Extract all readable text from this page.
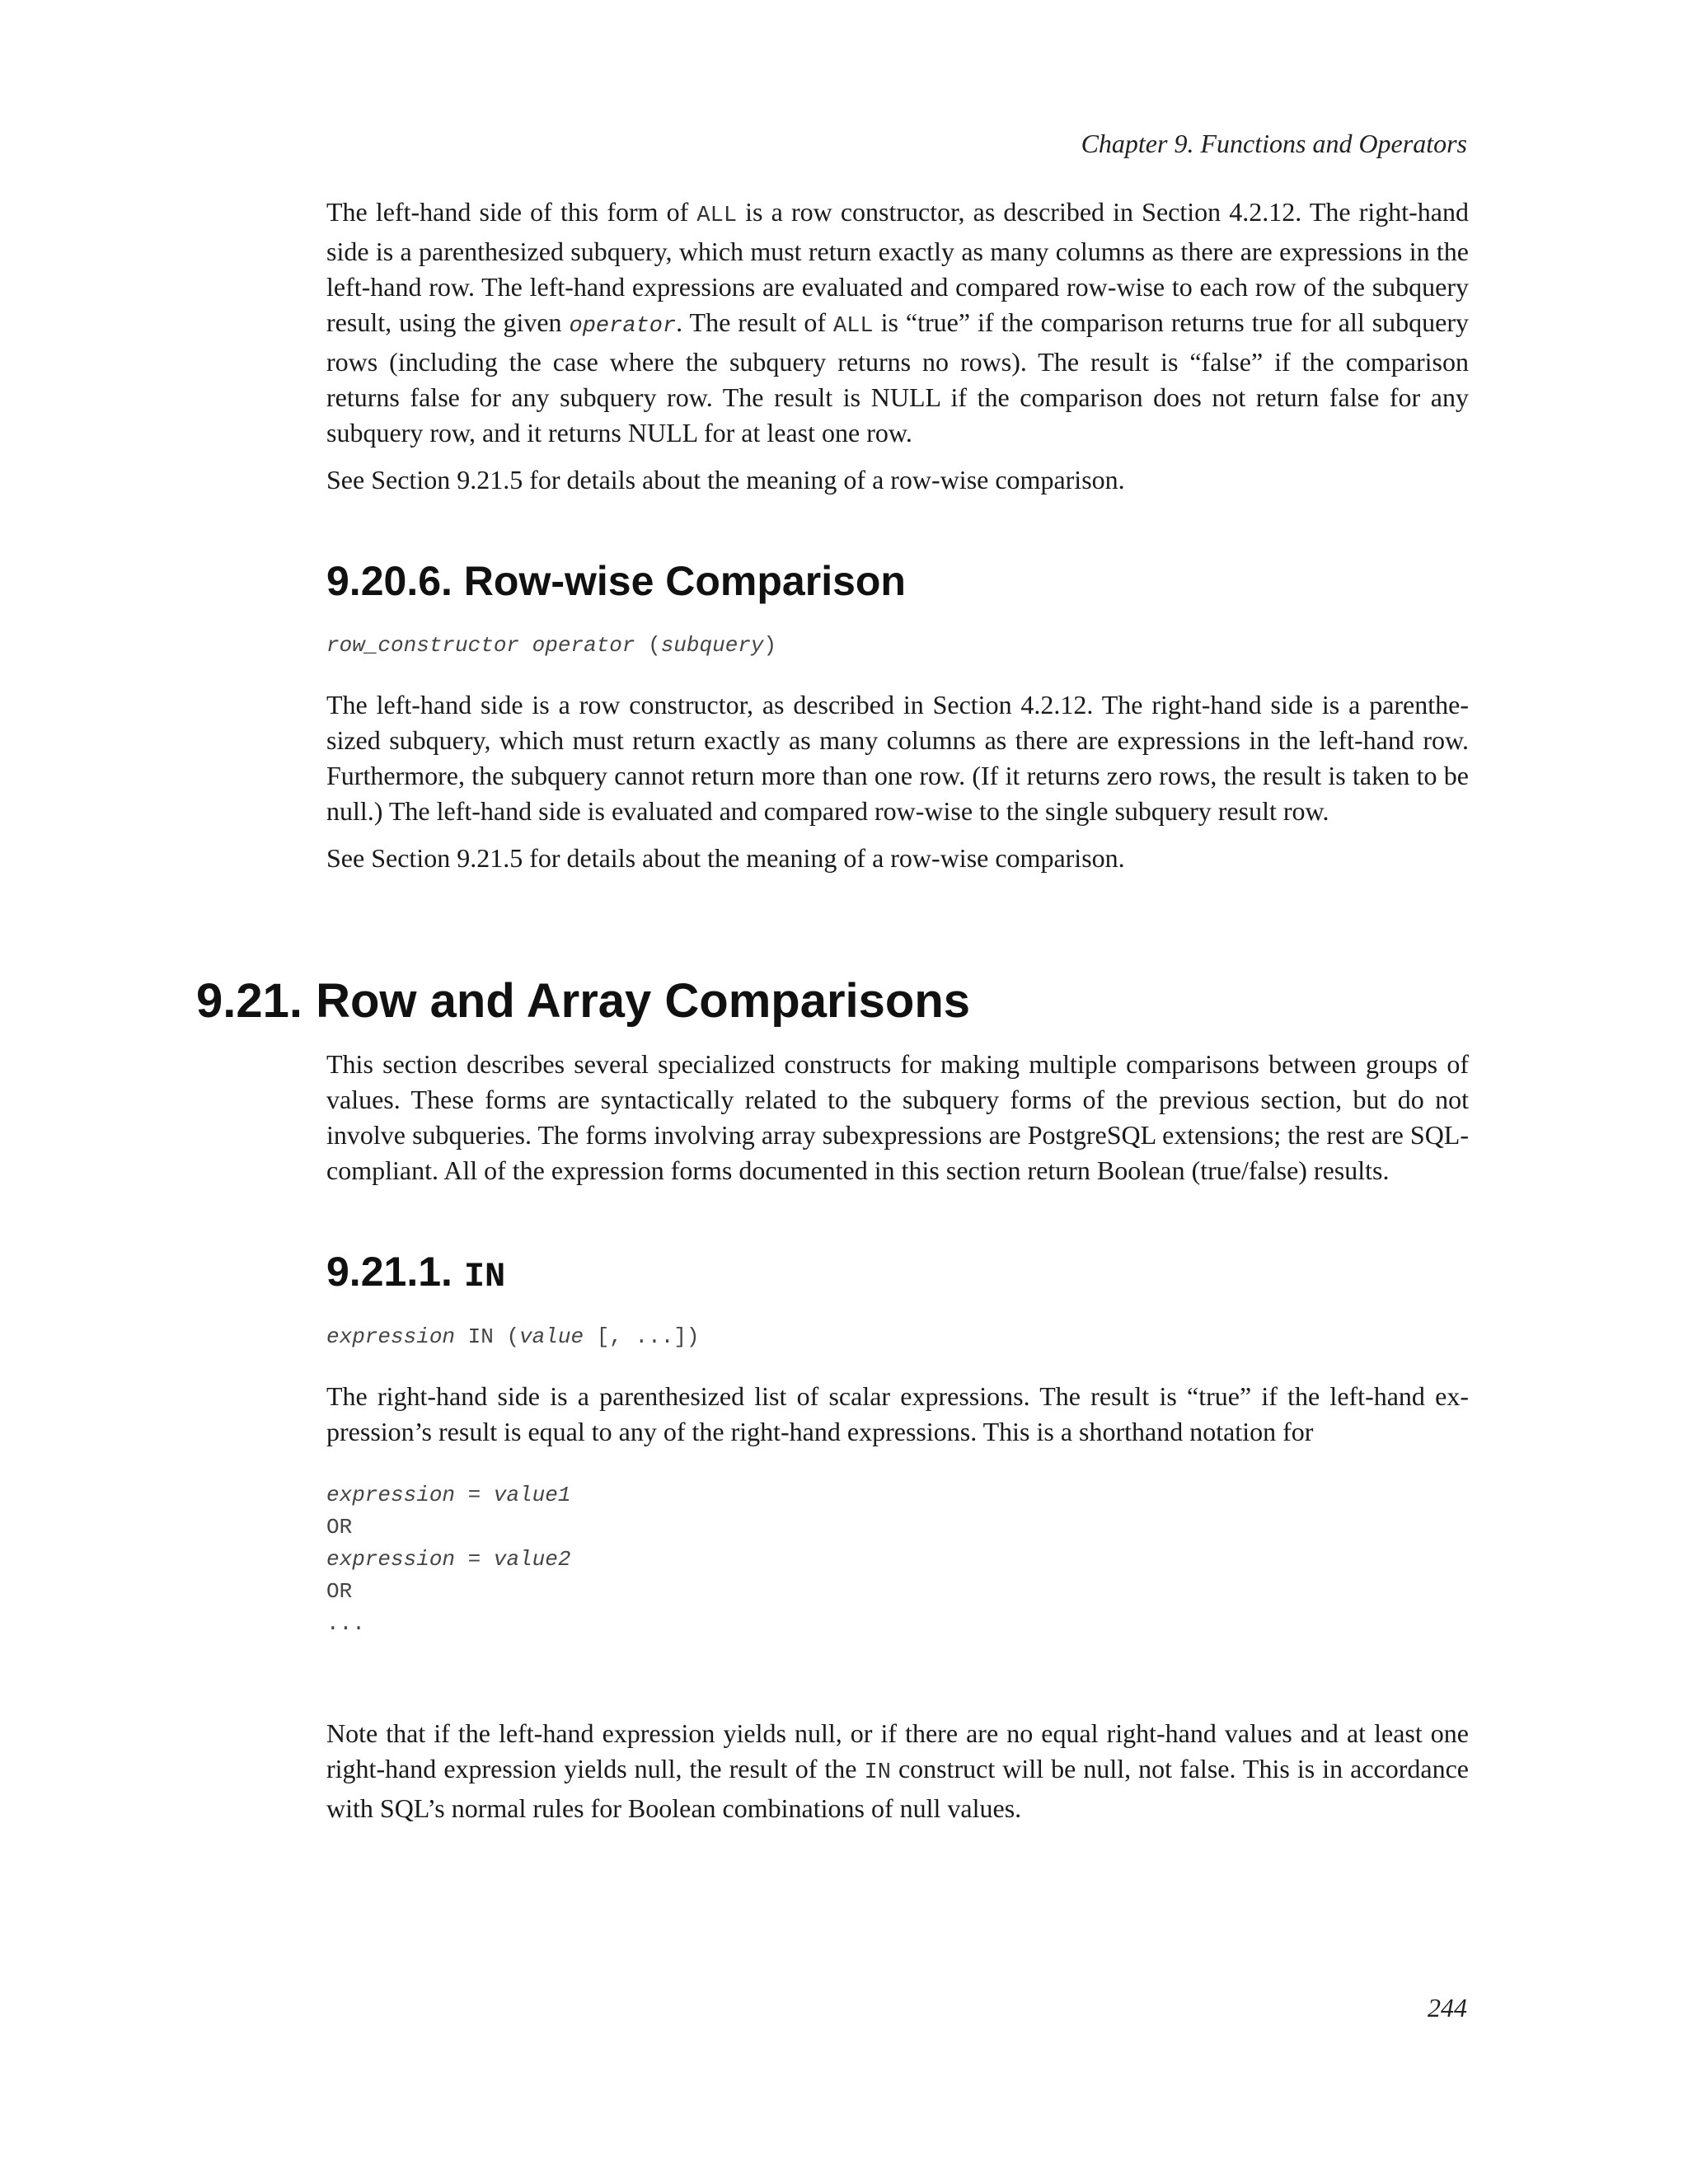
Chapter 9. Functions and Operators

The left-hand side of this form of ALL is a row constructor, as described in Section 4.2.12. The right-hand side is a parenthesized subquery, which must return exactly as many columns as there are expressions in the left-hand row. The left-hand expressions are evaluated and compared row-wise to each row of the subquery result, using the given operator. The result of ALL is “true” if the comparison returns true for all subquery rows (including the case where the subquery returns no rows). The result is “false” if the comparison returns false for any subquery row. The result is NULL if the comparison does not return false for any subquery row, and it returns NULL for at least one row.

See Section 9.21.5 for details about the meaning of a row-wise comparison.

9.20.6. Row-wise Comparison
row_constructor operator (subquery)

The left-hand side is a row constructor, as described in Section 4.2.12. The right-hand side is a parenthe-sized subquery, which must return exactly as many columns as there are expressions in the left-hand row. Furthermore, the subquery cannot return more than one row. (If it returns zero rows, the result is taken to be null.) The left-hand side is evaluated and compared row-wise to the single subquery result row.

See Section 9.21.5 for details about the meaning of a row-wise comparison.

9.21. Row and Array Comparisons

This section describes several specialized constructs for making multiple comparisons between groups of values. These forms are syntactically related to the subquery forms of the previous section, but do not involve subqueries. The forms involving array subexpressions are PostgreSQL extensions; the rest are SQL-compliant. All of the expression forms documented in this section return Boolean (true/false) results.

9.21.1. IN
expression IN (value [, ...])

The right-hand side is a parenthesized list of scalar expressions. The result is “true” if the left-hand ex-pression’s result is equal to any of the right-hand expressions. This is a shorthand notation for

expression = value1
OR
expression = value2
OR
...

Note that if the left-hand expression yields null, or if there are no equal right-hand values and at least one right-hand expression yields null, the result of the IN construct will be null, not false. This is in accordance with SQL’s normal rules for Boolean combinations of null values.

244
